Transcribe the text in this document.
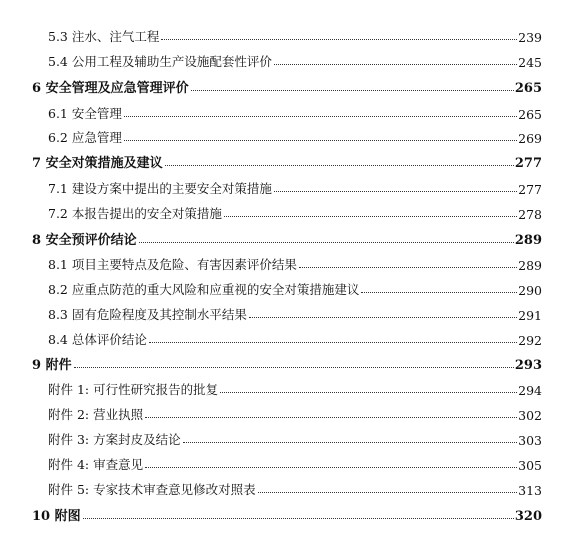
5.3 注水、注气工程	239
5.4 公用工程及辅助生产设施配套性评价	245
6 安全管理及应急管理评价	265
6.1 安全管理	265
6.2 应急管理	269
7 安全对策措施及建议	277
7.1 建设方案中提出的主要安全对策措施	277
7.2 本报告提出的安全对策措施	278
8 安全预评价结论	289
8.1 项目主要特点及危险、有害因素评价结果	289
8.2 应重点防范的重大风险和应重视的安全对策措施建议	290
8.3 固有危险程度及其控制水平结果	291
8.4 总体评价结论	292
9 附件	293
附件 1: 可行性研究报告的批复	294
附件 2: 营业执照	302
附件 3: 方案封皮及结论	303
附件 4: 审查意见	305
附件 5: 专家技术审查意见修改对照表	313
10 附图	320
